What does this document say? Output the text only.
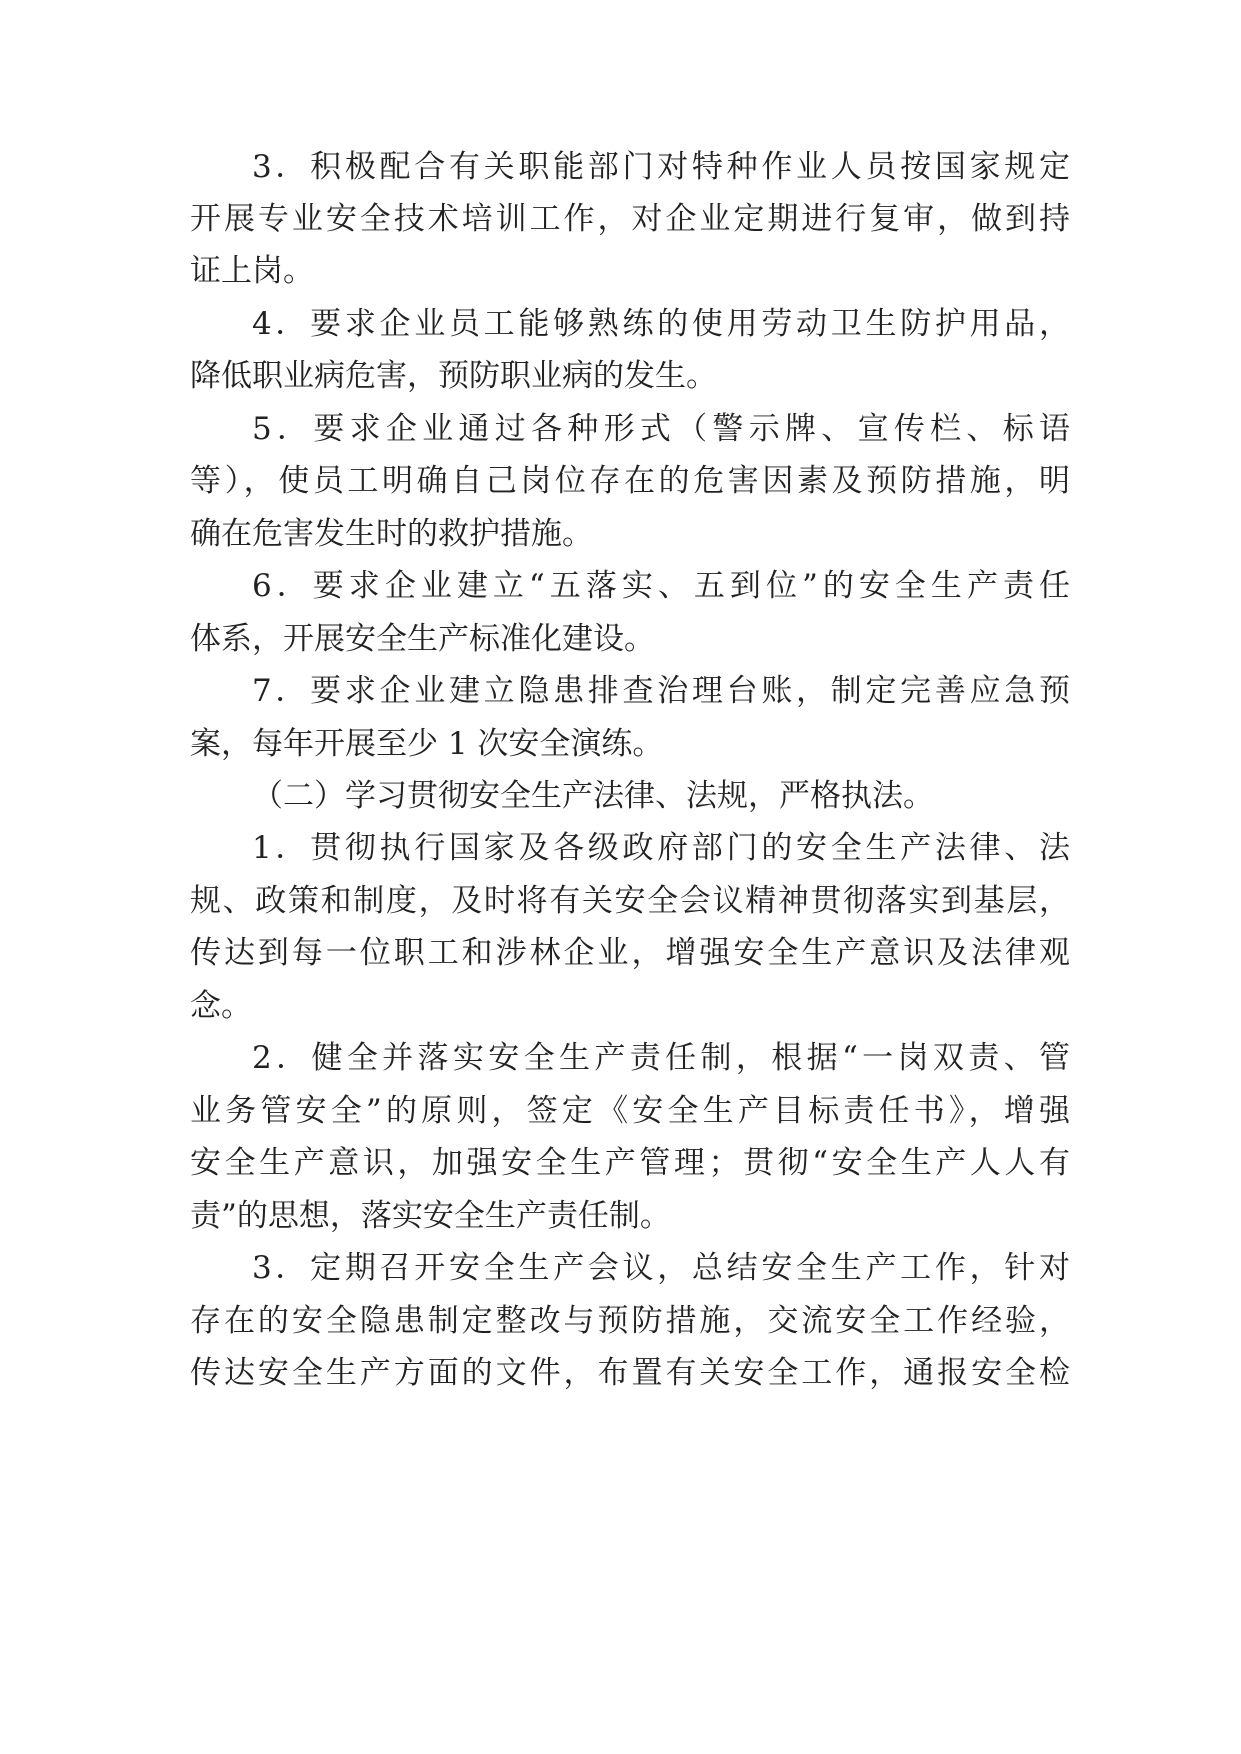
3．积极配合有关职能部门对特种作业人员按国家规定
开展专业安全技术培训工作，对企业定期进行复审，做到持
证上岗。
4．要求企业员工能够熟练的使用劳动卫生防护用品，
降低职业病危害，预防职业病的发生。
5．要求企业通过各种形式（警示牌、宣传栏、标语
等），使员工明确自己岗位存在的危害因素及预防措施，明
确在危害发生时的救护措施。
6．要求企业建立“五落实、五到位”的安全生产责任
体系，开展安全生产标准化建设。
7．要求企业建立隐患排查治理台账，制定完善应急预
案，每年开展至少 1 次安全演练。
（二）学习贯彻安全生产法律、法规，严格执法。
1．贯彻执行国家及各级政府部门的安全生产法律、法
规、政策和制度，及时将有关安全会议精神贯彻落实到基层，
传达到每一位职工和涉林企业，增强安全生产意识及法律观
念。
2．健全并落实安全生产责任制，根据“一岗双责、管
业务管安全”的原则，签定《安全生产目标责任书》，增强
安全生产意识，加强安全生产管理；贯彻“安全生产人人有
责”的思想，落实安全生产责任制。
3．定期召开安全生产会议，总结安全生产工作，针对
存在的安全隐患制定整改与预防措施，交流安全工作经验，
传达安全生产方面的文件，布置有关安全工作，通报安全检
